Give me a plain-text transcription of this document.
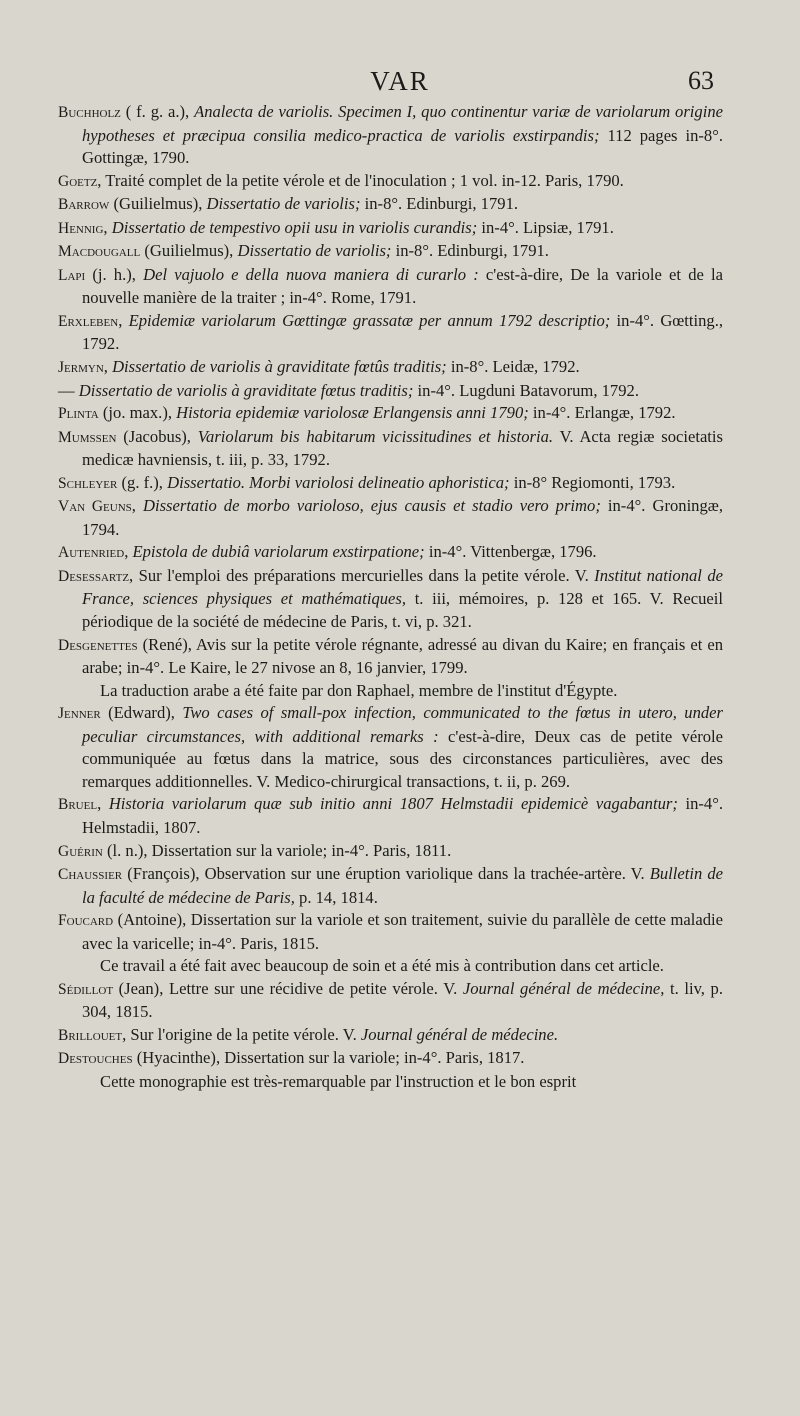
VAR	63

Buchholz ( f. g. a.), Analecta de variolis. Specimen I, quo continentur variæ de variolarum origine hypotheses et præcipua consilia medico-practica de variolis exstirpandis; 112 pages in-8°. Gottingæ, 1790.

Goetz, Traité complet de la petite vérole et de l'inoculation ; 1 vol. in-12. Paris, 1790.

Barrow (Guilielmus), Dissertatio de variolis; in-8°. Edinburgi, 1791.

Hennig, Dissertatio de tempestivo opii usu in variolis curandis; in-4°. Lipsiæ, 1791.

Macdougall (Guilielmus), Dissertatio de variolis; in-8°. Edinburgi, 1791.

Lapi (j. h.), Del vajuolo e della nuova maniera di curarlo : c'est-à-dire, De la variole et de la nouvelle manière de la traiter ; in-4°. Rome, 1791.

Erxleben, Epidemiæ variolarum Gœttingæ grassatæ per annum 1792 descriptio; in-4°. Gœtting., 1792.

Jermyn, Dissertatio de variolis à graviditate fœtûs traditis; in-8°. Leidæ, 1792.

— Dissertatio de variolis à graviditate fœtus traditis; in-4°. Lugduni Batavorum, 1792.

Plinta (jo. max.), Historia epidemiæ variolosæ Erlangensis anni 1790; in-4°. Erlangæ, 1792.

Mumssen (Jacobus), Variolarum bis habitarum vicissitudines et historia. V. Acta regiæ societatis medicæ havniensis, t. iii, p. 33, 1792.

Schleyer (g. f.), Dissertatio. Morbi variolosi delineatio aphoristica; in-8° Regiomonti, 1793.

Van Geuns, Dissertatio de morbo varioloso, ejus causis et stadio vero primo; in-4°. Groningæ, 1794.

Autenried, Epistola de dubiâ variolarum exstirpatione; in-4°. Vittenbergæ, 1796.

Desessartz, Sur l'emploi des préparations mercurielles dans la petite vérole. V. Institut national de France, sciences physiques et mathématiques, t. iii, mémoires, p. 128 et 165. V. Recueil périodique de la société de médecine de Paris, t. vi, p. 321.

Desgenettes (René), Avis sur la petite vérole régnante, adressé au divan du Kaire; en français et en arabe; in-4°. Le Kaire, le 27 nivose an 8, 16 janvier, 1799.

La traduction arabe a été faite par don Raphael, membre de l'institut d'Égypte.

Jenner (Edward), Two cases of small-pox infection, communicated to the fœtus in utero, under peculiar circumstances, with additional remarks : c'est-à-dire, Deux cas de petite vérole communiquée au fœtus dans la matrice, sous des circonstances particulières, avec des remarques additionnelles. V. Medico-chirurgical transactions, t. ii, p. 269.

Bruel, Historia variolarum quæ sub initio anni 1807 Helmstadii epidemicè vagabantur; in-4°. Helmstadii, 1807.

Guérin (l. n.), Dissertation sur la variole; in-4°. Paris, 1811.

Chaussier (François), Observation sur une éruption variolique dans la trachée-artère. V. Bulletin de la faculté de médecine de Paris, p. 14, 1814.

Foucard (Antoine), Dissertation sur la variole et son traitement, suivie du parallèle de cette maladie avec la varicelle; in-4°. Paris, 1815.

Ce travail a été fait avec beaucoup de soin et a été mis à contribution dans cet article.

Sédillot (Jean), Lettre sur une récidive de petite vérole. V. Journal général de médecine, t. liv, p. 304, 1815.

Brillouet, Sur l'origine de la petite vérole. V. Journal général de médecine.

Destouches (Hyacinthe), Dissertation sur la variole; in-4°. Paris, 1817.

Cette monographie est très-remarquable par l'instruction et le bon esprit
